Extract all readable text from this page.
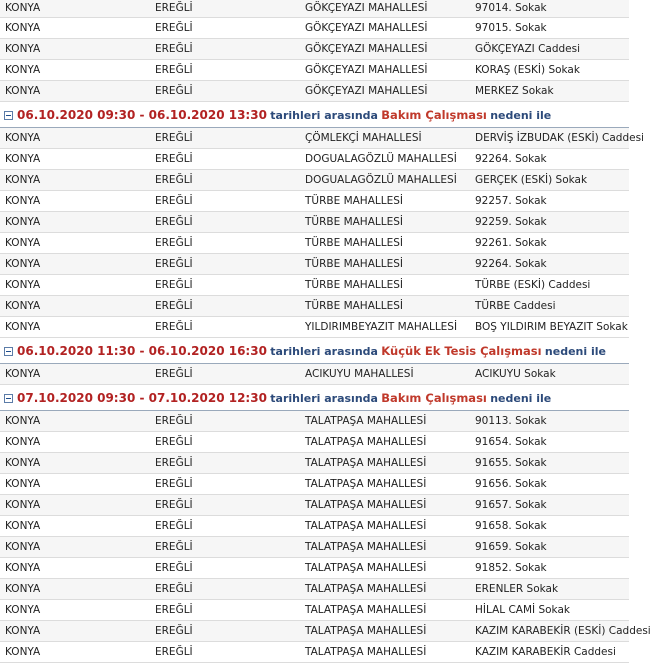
KONYA	EREĞLİ	GÖKÇEYAZI MAHALLESİ	97014. Sokak
KONYA	EREĞLİ	GÖKÇEYAZI MAHALLESİ	97015. Sokak
KONYA	EREĞLİ	GÖKÇEYAZI MAHALLESİ	GÖKÇEYAZI Caddesi
KONYA	EREĞLİ	GÖKÇEYAZI MAHALLESİ	KORAŞ (ESKİ) Sokak
KONYA	EREĞLİ	GÖKÇEYAZI MAHALLESİ	MERKEZ Sokak
06.10.2020 09:30 - 06.10.2020 13:30 tarihleri arasında Bakım Çalışması nedeni ile
KONYA	EREĞLİ	ÇÖMLEKÇİ MAHALLESİ	DERVİŞ İZBUDAK (ESKİ) Caddesi
KONYA	EREĞLİ	DOGUALAGÖZLÜ MAHALLESİ	92264. Sokak
KONYA	EREĞLİ	DOGUALAGÖZLÜ MAHALLESİ	GERÇEK (ESKİ) Sokak
KONYA	EREĞLİ	TÜRBE MAHALLESİ	92257. Sokak
KONYA	EREĞLİ	TÜRBE MAHALLESİ	92259. Sokak
KONYA	EREĞLİ	TÜRBE MAHALLESİ	92261. Sokak
KONYA	EREĞLİ	TÜRBE MAHALLESİ	92264. Sokak
KONYA	EREĞLİ	TÜRBE MAHALLESİ	TÜRBE (ESKİ) Caddesi
KONYA	EREĞLİ	TÜRBE MAHALLESİ	TÜRBE Caddesi
KONYA	EREĞLİ	YILDIRIMBEYAZIT MAHALLESİ	BOŞ YILDIRIM BEYAZIT Sokak
06.10.2020 11:30 - 06.10.2020 16:30 tarihleri arasında Küçük Ek Tesis Çalışması nedeni ile
KONYA	EREĞLİ	ACIKUYU MAHALLESİ	ACIKUYU Sokak
07.10.2020 09:30 - 07.10.2020 12:30 tarihleri arasında Bakım Çalışması nedeni ile
KONYA	EREĞLİ	TALATPAŞA MAHALLESİ	90113. Sokak
KONYA	EREĞLİ	TALATPAŞA MAHALLESİ	91654. Sokak
KONYA	EREĞLİ	TALATPAŞA MAHALLESİ	91655. Sokak
KONYA	EREĞLİ	TALATPAŞA MAHALLESİ	91656. Sokak
KONYA	EREĞLİ	TALATPAŞA MAHALLESİ	91657. Sokak
KONYA	EREĞLİ	TALATPAŞA MAHALLESİ	91658. Sokak
KONYA	EREĞLİ	TALATPAŞA MAHALLESİ	91659. Sokak
KONYA	EREĞLİ	TALATPAŞA MAHALLESİ	91852. Sokak
KONYA	EREĞLİ	TALATPAŞA MAHALLESİ	ERENLER Sokak
KONYA	EREĞLİ	TALATPAŞA MAHALLESİ	HİLAL CAMİ Sokak
KONYA	EREĞLİ	TALATPAŞA MAHALLESİ	KAZIM KARABEKİR (ESKİ) Caddesi
KONYA	EREĞLİ	TALATPAŞA MAHALLESİ	KAZIM KARABEKİR Caddesi
